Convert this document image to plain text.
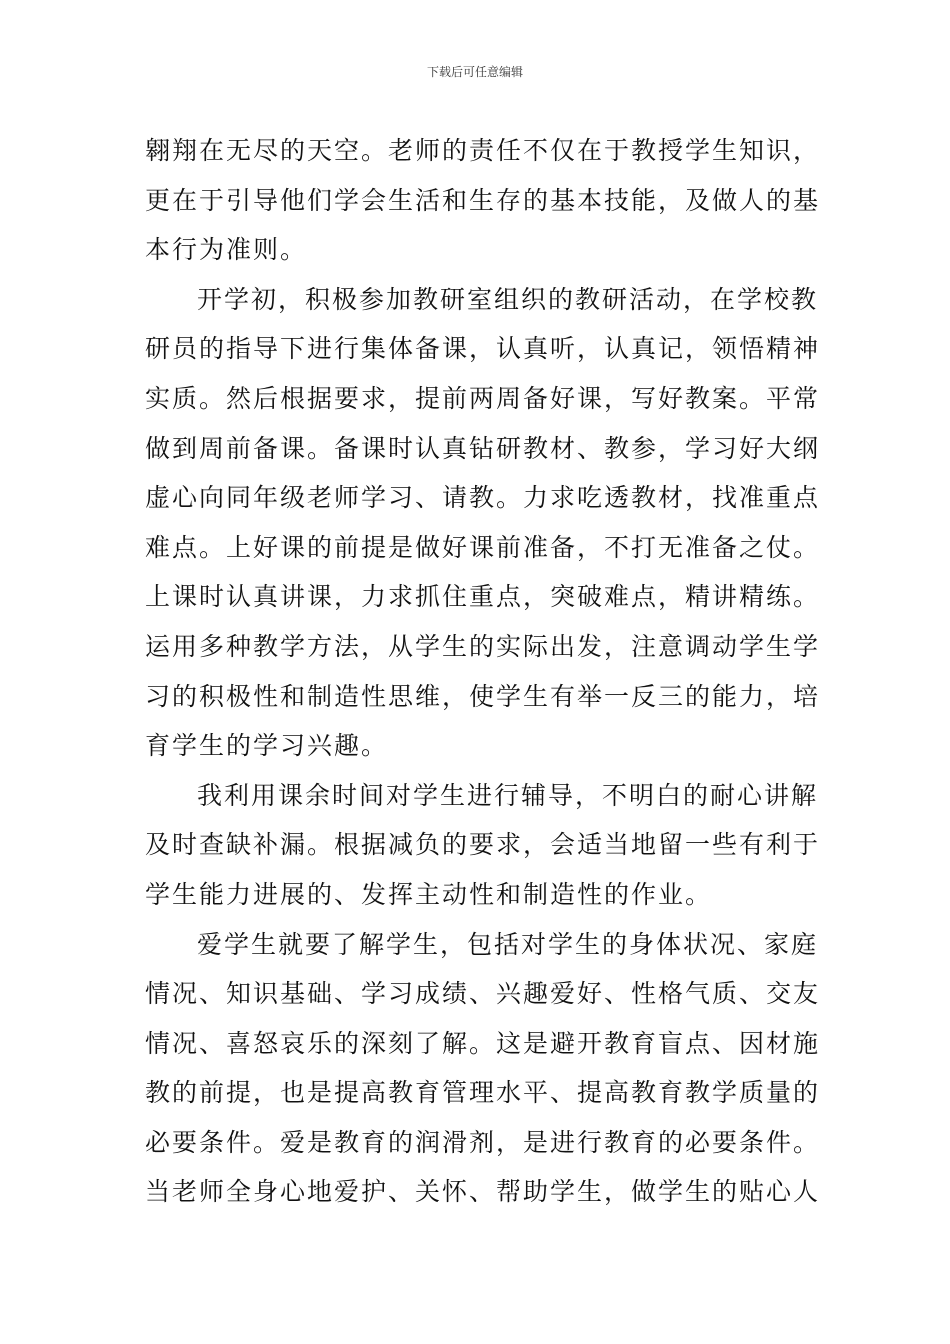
下载后可任意编辑
翱翔在无尽的天空。老师的责任不仅在于教授学生知识，
更在于引导他们学会生活和生存的基本技能，及做人的基
本行为准则。
开学初，积极参加教研室组织的教研活动，在学校教
研员的指导下进行集体备课，认真听，认真记，领悟精神
实质。然后根据要求，提前两周备好课，写好教案。平常
做到周前备课。备课时认真钻研教材、教参，学习好大纲
虚心向同年级老师学习、请教。力求吃透教材，找准重点
难点。上好课的前提是做好课前准备，不打无准备之仗。
上课时认真讲课，力求抓住重点，突破难点，精讲精练。
运用多种教学方法，从学生的实际出发，注意调动学生学
习的积极性和制造性思维，使学生有举一反三的能力，培
育学生的学习兴趣。
我利用课余时间对学生进行辅导，不明白的耐心讲解
及时查缺补漏。根据减负的要求，会适当地留一些有利于
学生能力进展的、发挥主动性和制造性的作业。
爱学生就要了解学生，包括对学生的身体状况、家庭
情况、知识基础、学习成绩、兴趣爱好、性格气质、交友
情况、喜怒哀乐的深刻了解。这是避开教育盲点、因材施
教的前提，也是提高教育管理水平、提高教育教学质量的
必要条件。爱是教育的润滑剂，是进行教育的必要条件。
当老师全身心地爱护、关怀、帮助学生，做学生的贴心人
